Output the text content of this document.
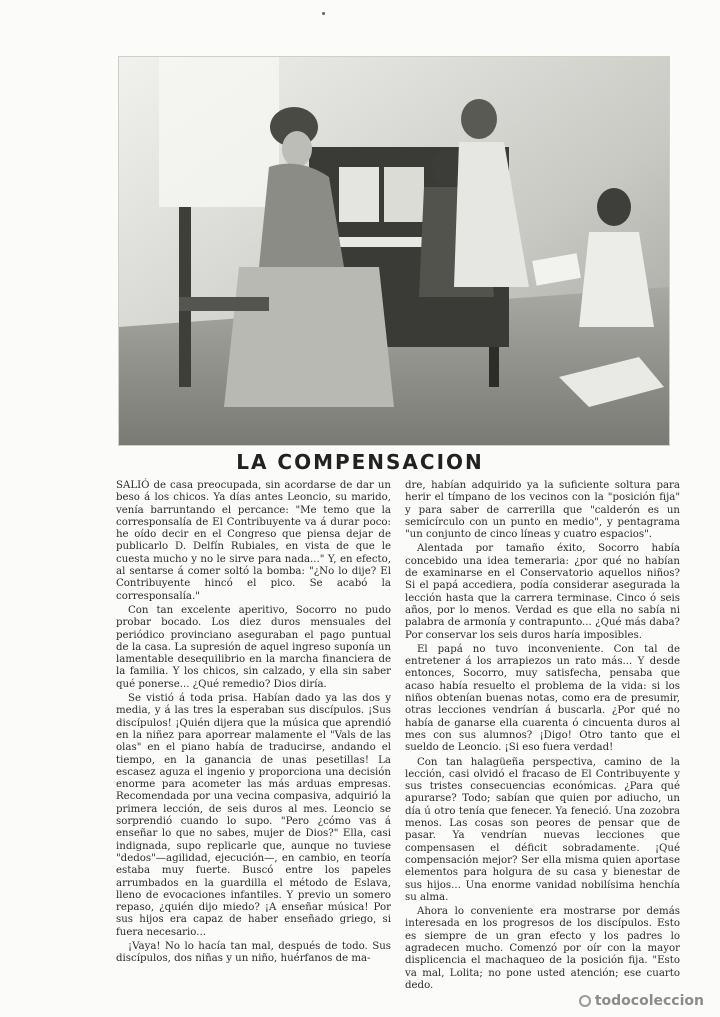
LA COMPENSACION

SALIÓ de casa preocupada, sin acordarse de dar un beso á los chicos. Ya días antes Leoncio, su marido, venía barruntando el percance: "Me temo que la corresponsalía de El Contribuyente va á durar poco: he oído decir en el Congreso que piensa dejar de publicarlo D. Delfín Rubiales, en vista de que le cuesta mucho y no le sirve para nada..." Y, en efecto, al sentarse á comer soltó la bomba: "¿No lo dije? El Contribuyente hincó el pico. Se acabó la corresponsalía."

Con tan excelente aperitivo, Socorro no pudo probar bocado. Los diez duros mensuales del periódico provinciano aseguraban el pago puntual de la casa. La supresión de aquel ingreso suponía un lamentable desequilibrio en la marcha financiera de la familia. Y los chicos, sin calzado, y ella sin saber qué ponerse... ¿Qué remedio? Dios diría.

Se vistió á toda prisa. Habían dado ya las dos y media, y á las tres la esperaban sus discípulos. ¡Sus discípulos! ¡Quién dijera que la música que aprendió en la niñez para aporrear malamente el "Vals de las olas" en el piano había de traducirse, andando el tiempo, en la ganancia de unas pesetillas! La escasez aguza el ingenio y proporciona una decisión enorme para acometer las más arduas empresas. Recomendada por una vecina compasiva, adquirió la primera lección, de seis duros al mes. Leoncio se sorprendió cuando lo supo. "Pero ¿cómo vas á enseñar lo que no sabes, mujer de Dios?" Ella, casi indignada, supo replicarle que, aunque no tuviese "dedos"—agilidad, ejecución—, en cambio, en teoría estaba muy fuerte. Buscó entre los papeles arrumbados en la guardilla el método de Eslava, lleno de evocaciones infantiles. Y previo un somero repaso, ¿quién dijo miedo? ¡A enseñar música! Por sus hijos era capaz de haber enseñado griego, si fuera necesario...

¡Vaya! No lo hacía tan mal, después de todo. Sus discípulos, dos niñas y un niño, huérfanos de ma-

dre, habían adquirido ya la suficiente soltura para herir el tímpano de los vecinos con la "posición fija" y para saber de carrerilla que "calderón es un semicírculo con un punto en medio", y pentagrama "un conjunto de cinco líneas y cuatro espacios".

Alentada por tamaño éxito, Socorro había concebido una idea temeraria: ¿por qué no habían de examinarse en el Conservatorio aquellos niños? Si el papá accediera, podía considerar asegurada la lección hasta que la carrera terminase. Cinco ó seis años, por lo menos. Verdad es que ella no sabía ni palabra de armonía y contrapunto... ¿Qué más daba? Por conservar los seis duros haría imposibles.

El papá no tuvo inconveniente. Con tal de entretener á los arrapiezos un rato más... Y desde entonces, Socorro, muy satisfecha, pensaba que acaso había resuelto el problema de la vida: si los niños obtenían buenas notas, como era de presumir, otras lecciones vendrían á buscarla. ¿Por qué no había de ganarse ella cuarenta ó cincuenta duros al mes con sus alumnos? ¡Digo! Otro tanto que el sueldo de Leoncio. ¡Si eso fuera verdad!

Con tan halagüeña perspectiva, camino de la lección, casi olvidó el fracaso de El Contribuyente y sus tristes consecuencias económicas. ¿Para qué apurarse? Todo; sabían que quien por adiucho, un día ú otro tenía que fenecer. Ya feneció. Una zozobra menos. Las cosas son peores de pensar que de pasar. Ya vendrían nuevas lecciones que compensasen el déficit sobradamente. ¡Qué compensación mejor? Ser ella misma quien aportase elementos para holgura de su casa y bienestar de sus hijos... Una enorme vanidad nobilísima henchía su alma.

Ahora lo conveniente era mostrarse por demás interesada en los progresos de los discípulos. Esto es siempre de un gran efecto y los padres lo agradecen mucho. Comenzó por oír con la mayor displicencia el machaqueo de la posición fija. "Esto va mal, Lolita; no pone usted atención; ese cuarto dedo.

todocoleccion
